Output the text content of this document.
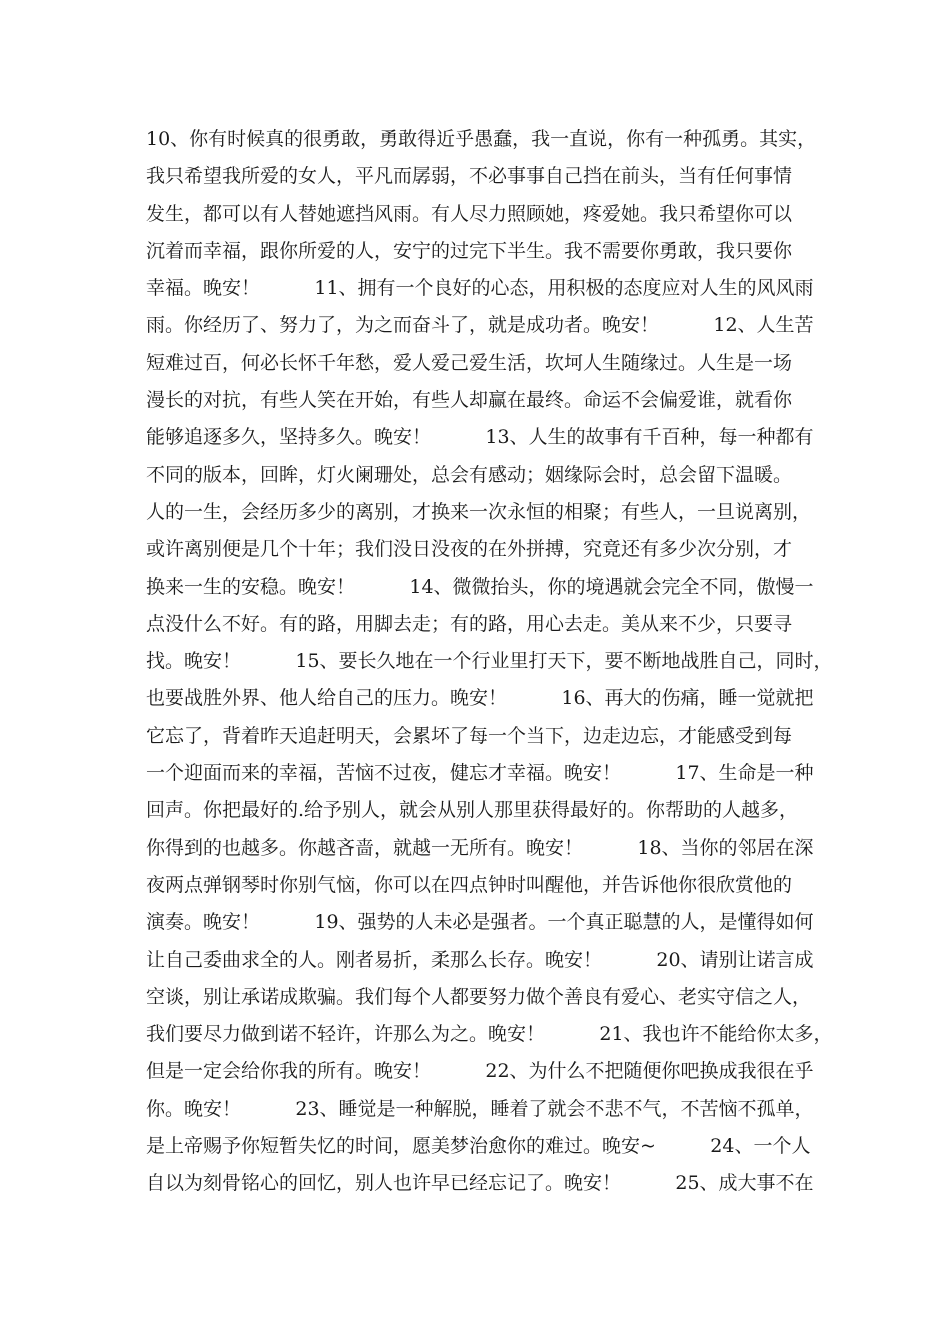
10、你有时候真的很勇敢，勇敢得近乎愚蠢，我一直说，你有一种孤勇。其实，
我只希望我所爱的女人，平凡而孱弱，不必事事自己挡在前头，当有任何事情
发生，都可以有人替她遮挡风雨。有人尽力照顾她，疼爱她。我只希望你可以
沉着而幸福，跟你所爱的人，安宁的过完下半生。我不需要你勇敢，我只要你
幸福。晚安！         11、拥有一个良好的心态，用积极的态度应对人生的风风雨
雨。你经历了、努力了，为之而奋斗了，就是成功者。晚安！         12、人生苦
短难过百，何必长怀千年愁，爱人爱己爱生活，坎坷人生随缘过。人生是一场
漫长的对抗，有些人笑在开始，有些人却赢在最终。命运不会偏爱谁，就看你
能够追逐多久，坚持多久。晚安！         13、人生的故事有千百种，每一种都有
不同的版本，回眸，灯火阑珊处，总会有感动；姻缘际会时，总会留下温暖。
人的一生，会经历多少的离别，才换来一次永恒的相聚；有些人，一旦说离别，
或许离别便是几个十年；我们没日没夜的在外拼搏，究竟还有多少次分别，才
换来一生的安稳。晚安！         14、微微抬头，你的境遇就会完全不同，傲慢一
点没什么不好。有的路，用脚去走；有的路，用心去走。美从来不少，只要寻
找。晚安！         15、要长久地在一个行业里打天下，要不断地战胜自己，同时，
也要战胜外界、他人给自己的压力。晚安！         16、再大的伤痛，睡一觉就把
它忘了，背着昨天追赶明天，会累坏了每一个当下，边走边忘，才能感受到每
一个迎面而来的幸福，苦恼不过夜，健忘才幸福。晚安！         17、生命是一种
回声。你把最好的.给予别人，就会从别人那里获得最好的。你帮助的人越多，
你得到的也越多。你越吝啬，就越一无所有。晚安！         18、当你的邻居在深
夜两点弹钢琴时你别气恼，你可以在四点钟时叫醒他，并告诉他你很欣赏他的
演奏。晚安！         19、强势的人未必是强者。一个真正聪慧的人，是懂得如何
让自己委曲求全的人。刚者易折，柔那么长存。晚安！         20、请别让诺言成
空谈，别让承诺成欺骗。我们每个人都要努力做个善良有爱心、老实守信之人，
我们要尽力做到诺不轻许，许那么为之。晚安！         21、我也许不能给你太多，
但是一定会给你我的所有。晚安！         22、为什么不把随便你吧换成我很在乎
你。晚安！         23、睡觉是一种解脱，睡着了就会不悲不气，不苦恼不孤单，
是上帝赐予你短暂失忆的时间，愿美梦治愈你的难过。晚安~         24、一个人
自以为刻骨铭心的回忆，别人也许早已经忘记了。晚安！         25、成大事不在
